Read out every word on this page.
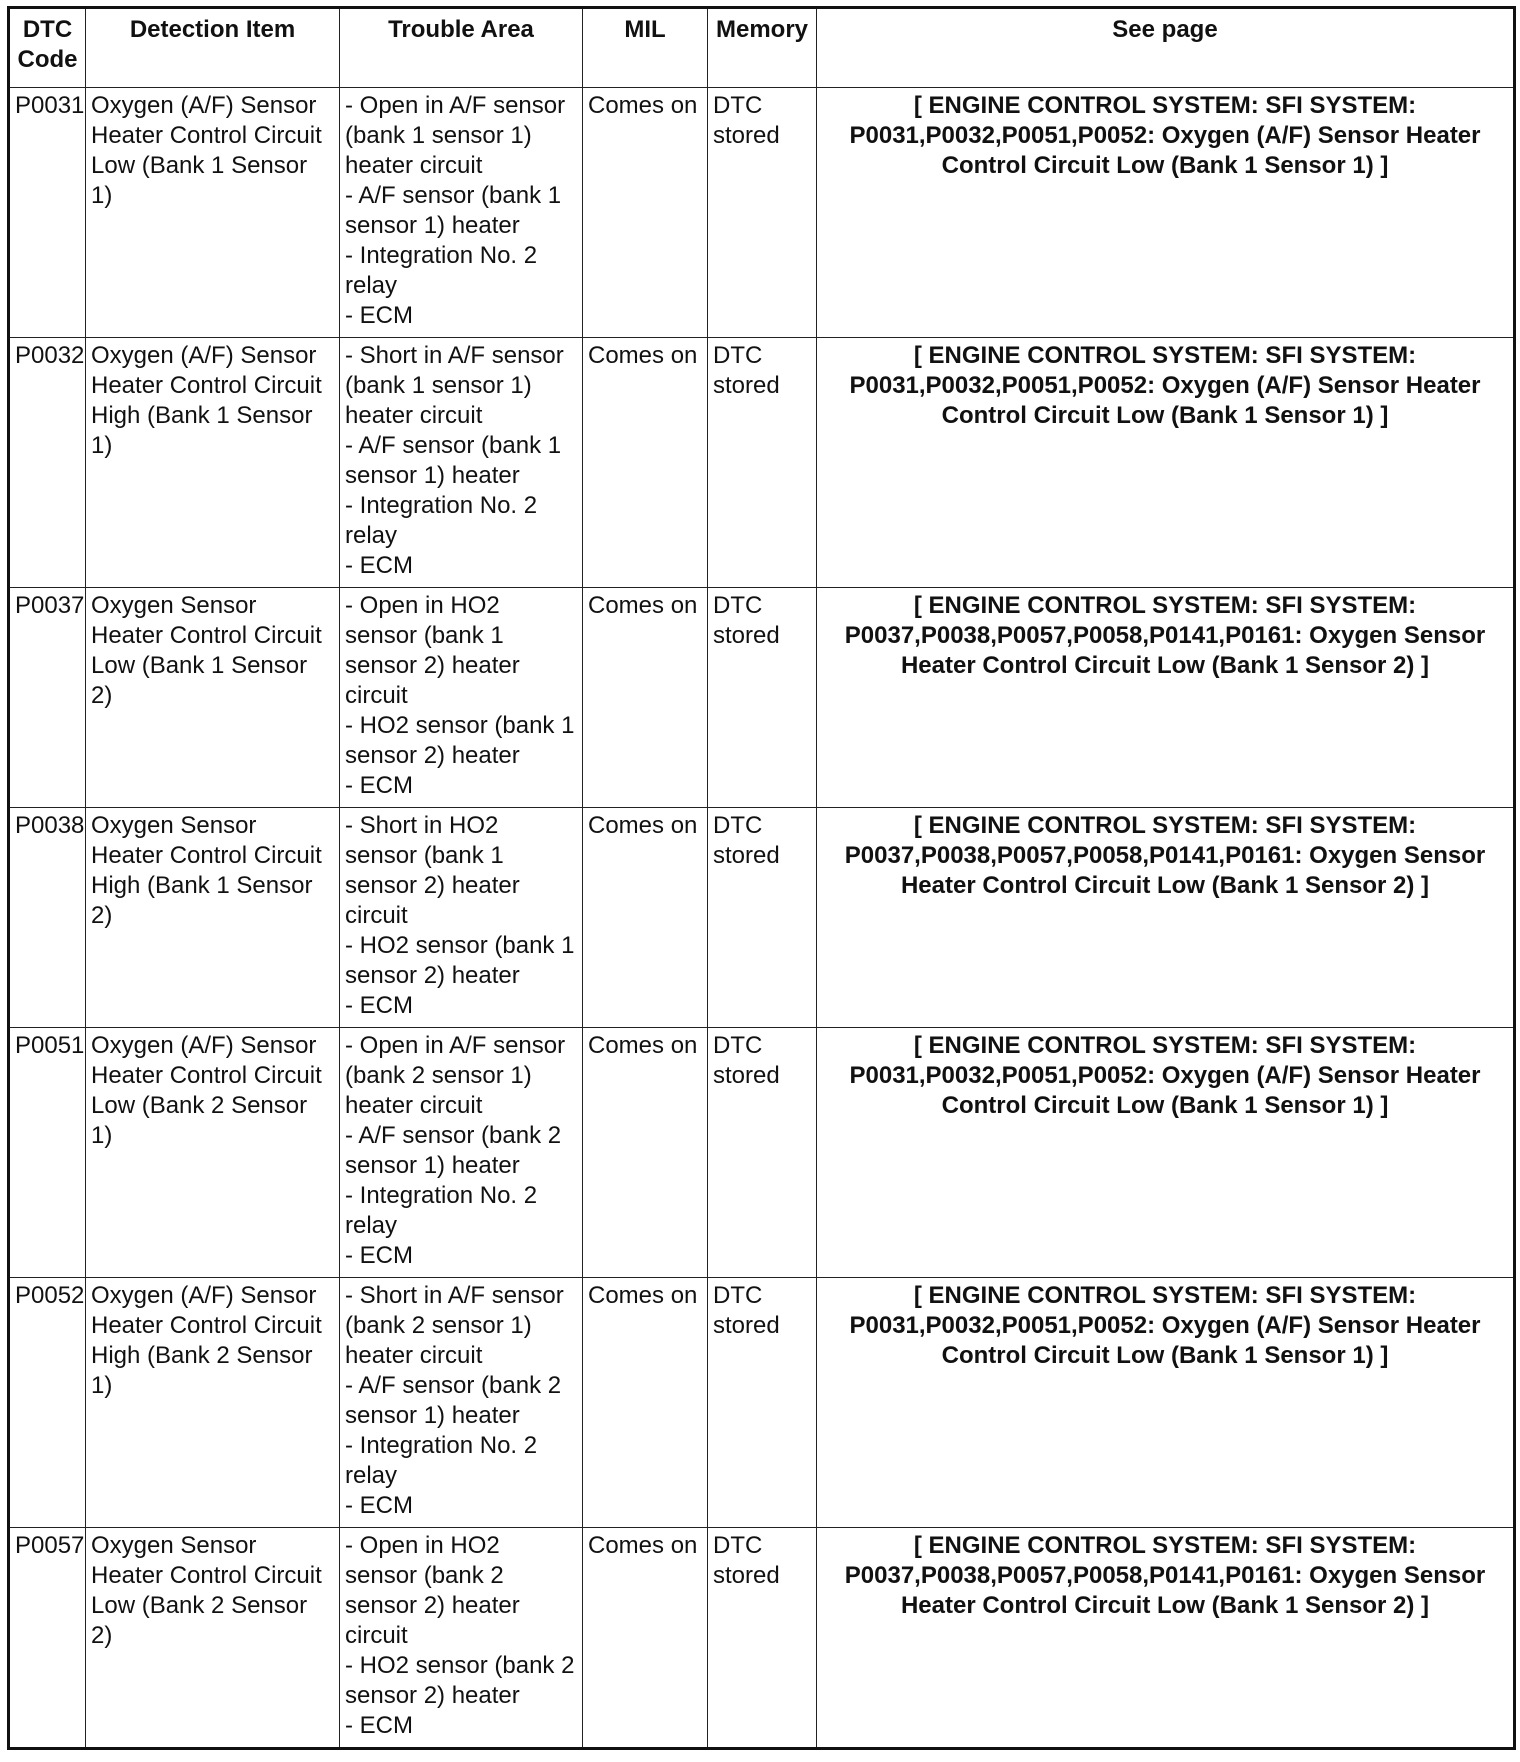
DTC
Code	Detection Item	Trouble Area	MIL	Memory	See page
P0031	Oxygen (A/F) Sensor Heater Control Circuit Low (Bank 1 Sensor 1)	- Open in A/F sensor (bank 1 sensor 1) heater circuit
- A/F sensor (bank 1 sensor 1) heater
- Integration No. 2 relay
- ECM	Comes on	DTC stored	[ ENGINE CONTROL SYSTEM: SFI SYSTEM: P0031,P0032,P0051,P0052: Oxygen (A/F) Sensor Heater Control Circuit Low (Bank 1 Sensor 1) ]
P0032	Oxygen (A/F) Sensor Heater Control Circuit High (Bank 1 Sensor 1)	- Short in A/F sensor (bank 1 sensor 1) heater circuit
- A/F sensor (bank 1 sensor 1) heater
- Integration No. 2 relay
- ECM	Comes on	DTC stored	[ ENGINE CONTROL SYSTEM: SFI SYSTEM: P0031,P0032,P0051,P0052: Oxygen (A/F) Sensor Heater Control Circuit Low (Bank 1 Sensor 1) ]
P0037	Oxygen Sensor Heater Control Circuit Low (Bank 1 Sensor 2)	- Open in HO2 sensor (bank 1 sensor 2) heater circuit
- HO2 sensor (bank 1 sensor 2) heater
- ECM	Comes on	DTC stored	[ ENGINE CONTROL SYSTEM: SFI SYSTEM: P0037,P0038,P0057,P0058,P0141,P0161: Oxygen Sensor Heater Control Circuit Low (Bank 1 Sensor 2) ]
P0038	Oxygen Sensor Heater Control Circuit High (Bank 1 Sensor 2)	- Short in HO2 sensor (bank 1 sensor 2) heater circuit
- HO2 sensor (bank 1 sensor 2) heater
- ECM	Comes on	DTC stored	[ ENGINE CONTROL SYSTEM: SFI SYSTEM: P0037,P0038,P0057,P0058,P0141,P0161: Oxygen Sensor Heater Control Circuit Low (Bank 1 Sensor 2) ]
P0051	Oxygen (A/F) Sensor Heater Control Circuit Low (Bank 2 Sensor 1)	- Open in A/F sensor (bank 2 sensor 1) heater circuit
- A/F sensor (bank 2 sensor 1) heater
- Integration No. 2 relay
- ECM	Comes on	DTC stored	[ ENGINE CONTROL SYSTEM: SFI SYSTEM: P0031,P0032,P0051,P0052: Oxygen (A/F) Sensor Heater Control Circuit Low (Bank 1 Sensor 1) ]
P0052	Oxygen (A/F) Sensor Heater Control Circuit High (Bank 2 Sensor 1)	- Short in A/F sensor (bank 2 sensor 1) heater circuit
- A/F sensor (bank 2 sensor 1) heater
- Integration No. 2 relay
- ECM	Comes on	DTC stored	[ ENGINE CONTROL SYSTEM: SFI SYSTEM: P0031,P0032,P0051,P0052: Oxygen (A/F) Sensor Heater Control Circuit Low (Bank 1 Sensor 1) ]
P0057	Oxygen Sensor Heater Control Circuit Low (Bank 2 Sensor 2)	- Open in HO2 sensor (bank 2 sensor 2) heater circuit
- HO2 sensor (bank 2 sensor 2) heater
- ECM	Comes on	DTC stored	[ ENGINE CONTROL SYSTEM: SFI SYSTEM: P0037,P0038,P0057,P0058,P0141,P0161: Oxygen Sensor Heater Control Circuit Low (Bank 1 Sensor 2) ]
